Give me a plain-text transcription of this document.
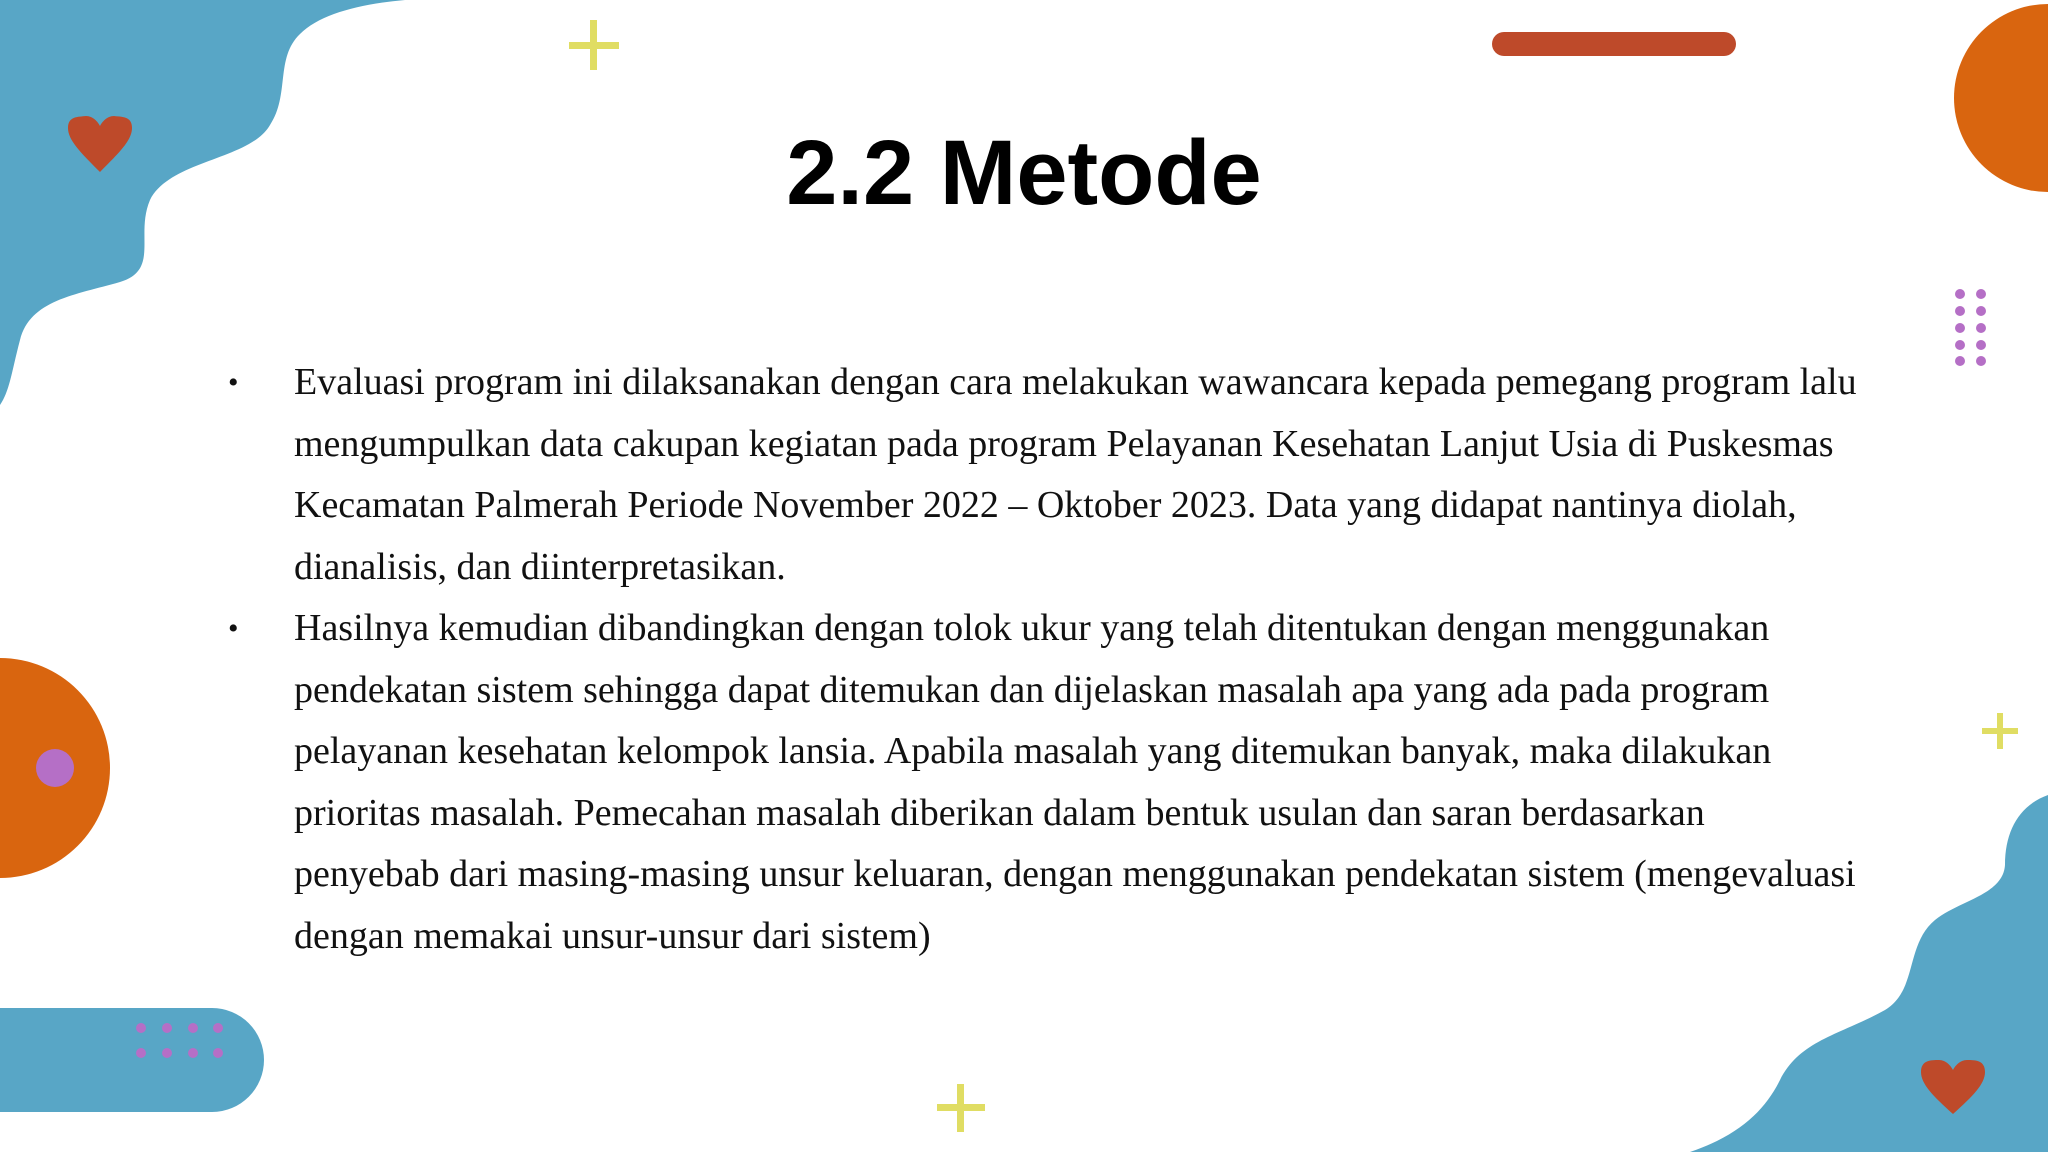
2.2 Metode
• Evaluasi program ini dilaksanakan dengan cara melakukan wawancara kepada pemegang program lalu mengumpulkan data cakupan kegiatan pada program Pelayanan Kesehatan Lanjut Usia di Puskesmas Kecamatan Palmerah Periode November 2022 – Oktober 2023. Data yang didapat nantinya diolah, dianalisis, dan diinterpretasikan.
• Hasilnya kemudian dibandingkan dengan tolok ukur yang telah ditentukan dengan menggunakan pendekatan sistem sehingga dapat ditemukan dan dijelaskan masalah apa yang ada pada program pelayanan kesehatan kelompok lansia. Apabila masalah yang ditemukan banyak, maka dilakukan prioritas masalah. Pemecahan masalah diberikan dalam bentuk usulan dan saran berdasarkan penyebab dari masing-masing unsur keluaran, dengan menggunakan pendekatan sistem (mengevaluasi dengan memakai unsur-unsur dari sistem)
